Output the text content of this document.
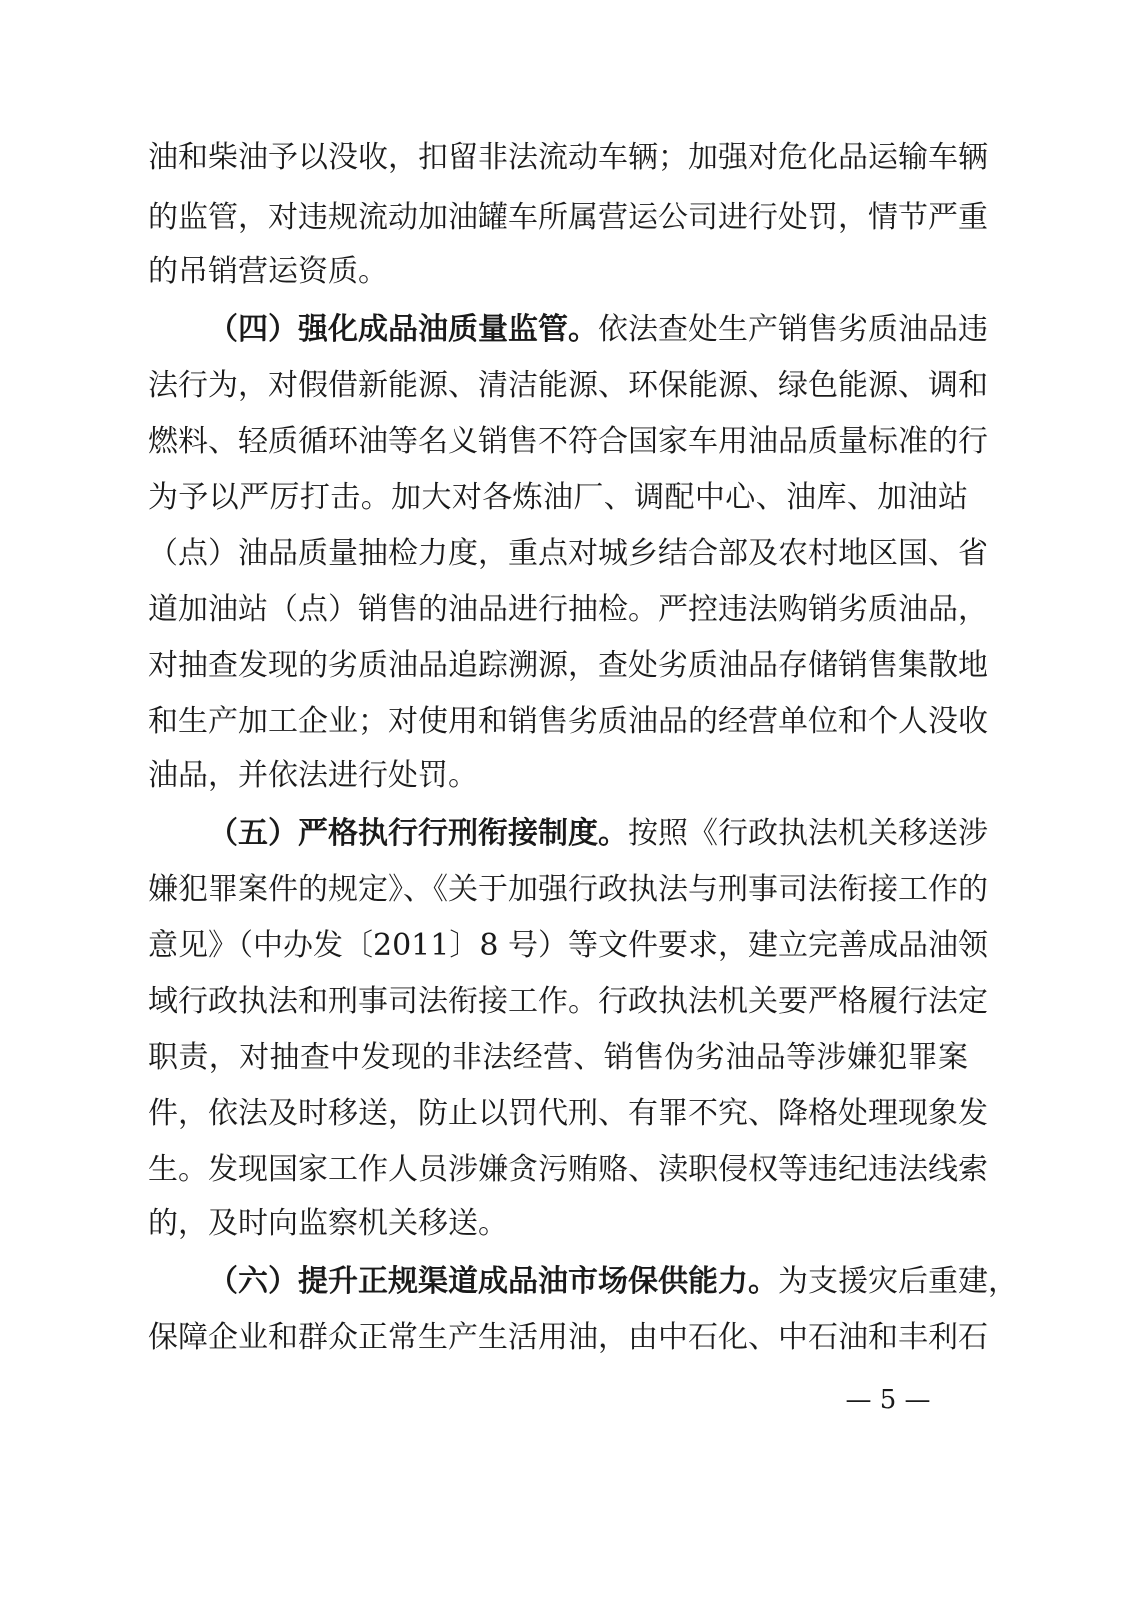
油和柴油予以没收，扣留非法流动车辆；加强对危化品运输车辆
的监管，对违规流动加油罐车所属营运公司进行处罚，情节严重
的吊销营运资质。
（四）强化成品油质量监管。依法查处生产销售劣质油品违
法行为，对假借新能源、清洁能源、环保能源、绿色能源、调和
燃料、轻质循环油等名义销售不符合国家车用油品质量标准的行
为予以严厉打击。加大对各炼油厂、调配中心、油库、加油站
（点）油品质量抽检力度，重点对城乡结合部及农村地区国、省
道加油站（点）销售的油品进行抽检。严控违法购销劣质油品，
对抽查发现的劣质油品追踪溯源，查处劣质油品存储销售集散地
和生产加工企业；对使用和销售劣质油品的经营单位和个人没收
油品，并依法进行处罚。
（五）严格执行行刑衔接制度。按照《行政执法机关移送涉
嫌犯罪案件的规定》、《关于加强行政执法与刑事司法衔接工作的
意见》（中办发〔2011〕8 号）等文件要求，建立完善成品油领
域行政执法和刑事司法衔接工作。行政执法机关要严格履行法定
职责，对抽查中发现的非法经营、销售伪劣油品等涉嫌犯罪案
件，依法及时移送，防止以罚代刑、有罪不究、降格处理现象发
生。发现国家工作人员涉嫌贪污贿赂、渎职侵权等违纪违法线索
的，及时向监察机关移送。
（六）提升正规渠道成品油市场保供能力。为支援灾后重建，
保障企业和群众正常生产生活用油，由中石化、中石油和丰利石
— 5 —
